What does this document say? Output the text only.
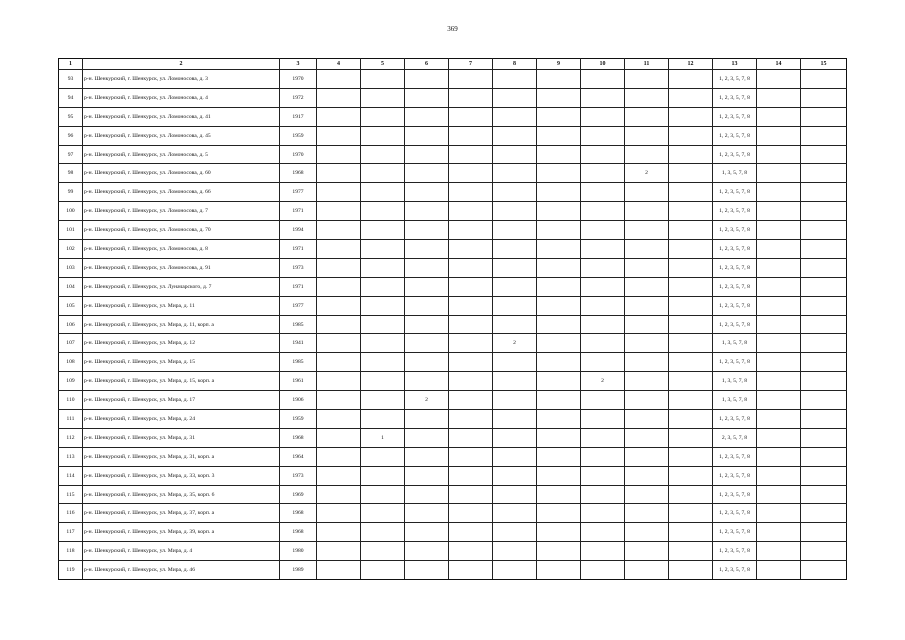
369
1	2	3	4	5	6	7	8	9	10	11	12	13	14	15
93	р-н. Шенкурский, г. Шенкурск, ул. Ломоносова, д. 3	1970										1, 2, 3, 5, 7, 8		
94	р-н. Шенкурский, г. Шенкурск, ул. Ломоносова, д. 4	1972										1, 2, 3, 5, 7, 8		
95	р-н. Шенкурский, г. Шенкурск, ул. Ломоносова, д. 41	1917										1, 2, 3, 5, 7, 8		
96	р-н. Шенкурский, г. Шенкурск, ул. Ломоносова, д. 45	1959										1, 2, 3, 5, 7, 8		
97	р-н. Шенкурский, г. Шенкурск, ул. Ломоносова, д. 5	1970										1, 2, 3, 5, 7, 8		
98	р-н. Шенкурский, г. Шенкурск, ул. Ломоносова, д. 60	1968								2		1, 3, 5, 7, 8		
99	р-н. Шенкурский, г. Шенкурск, ул. Ломоносова, д. 66	1977										1, 2, 3, 5, 7, 8		
100	р-н. Шенкурский, г. Шенкурск, ул. Ломоносова, д. 7	1971										1, 2, 3, 5, 7, 8		
101	р-н. Шенкурский, г. Шенкурск, ул. Ломоносова, д. 70	1994										1, 2, 3, 5, 7, 8		
102	р-н. Шенкурский, г. Шенкурск, ул. Ломоносова, д. 8	1971										1, 2, 3, 5, 7, 8		
103	р-н. Шенкурский, г. Шенкурск, ул. Ломоносова, д. 91	1973										1, 2, 3, 5, 7, 8		
104	р-н. Шенкурский, г. Шенкурск, ул. Луначарского, д. 7	1971										1, 2, 3, 5, 7, 8		
105	р-н. Шенкурский, г. Шенкурск, ул. Мира, д. 11	1977										1, 2, 3, 5, 7, 8		
106	р-н. Шенкурский, г. Шенкурск, ул. Мира, д. 11, корп. а	1985										1, 2, 3, 5, 7, 8		
107	р-н. Шенкурский, г. Шенкурск, ул. Мира, д. 12	1941					2					1, 3, 5, 7, 8		
108	р-н. Шенкурский, г. Шенкурск, ул. Мира, д. 15	1985										1, 2, 3, 5, 7, 8		
109	р-н. Шенкурский, г. Шенкурск, ул. Мира, д. 15, корп. а	1961							2			1, 3, 5, 7, 8		
110	р-н. Шенкурский, г. Шенкурск, ул. Мира, д. 17	1906			2							1, 3, 5, 7, 8		
111	р-н. Шенкурский, г. Шенкурск, ул. Мира, д. 24	1959										1, 2, 3, 5, 7, 8		
112	р-н. Шенкурский, г. Шенкурск, ул. Мира, д. 31	1968		1								2, 3, 5, 7, 8		
113	р-н. Шенкурский, г. Шенкурск, ул. Мира, д. 31, корп. а	1964										1, 2, 3, 5, 7, 8		
114	р-н. Шенкурский, г. Шенкурск, ул. Мира, д. 33, корп. 3	1973										1, 2, 3, 5, 7, 8		
115	р-н. Шенкурский, г. Шенкурск, ул. Мира, д. 35, корп. 6	1969										1, 2, 3, 5, 7, 8		
116	р-н. Шенкурский, г. Шенкурск, ул. Мира, д. 37, корп. а	1968										1, 2, 3, 5, 7, 8		
117	р-н. Шенкурский, г. Шенкурск, ул. Мира, д. 39, корп. а	1968										1, 2, 3, 5, 7, 8		
118	р-н. Шенкурский, г. Шенкурск, ул. Мира, д. 4	1980										1, 2, 3, 5, 7, 8		
119	р-н. Шенкурский, г. Шенкурск, ул. Мира, д. 46	1989										1, 2, 3, 5, 7, 8		
